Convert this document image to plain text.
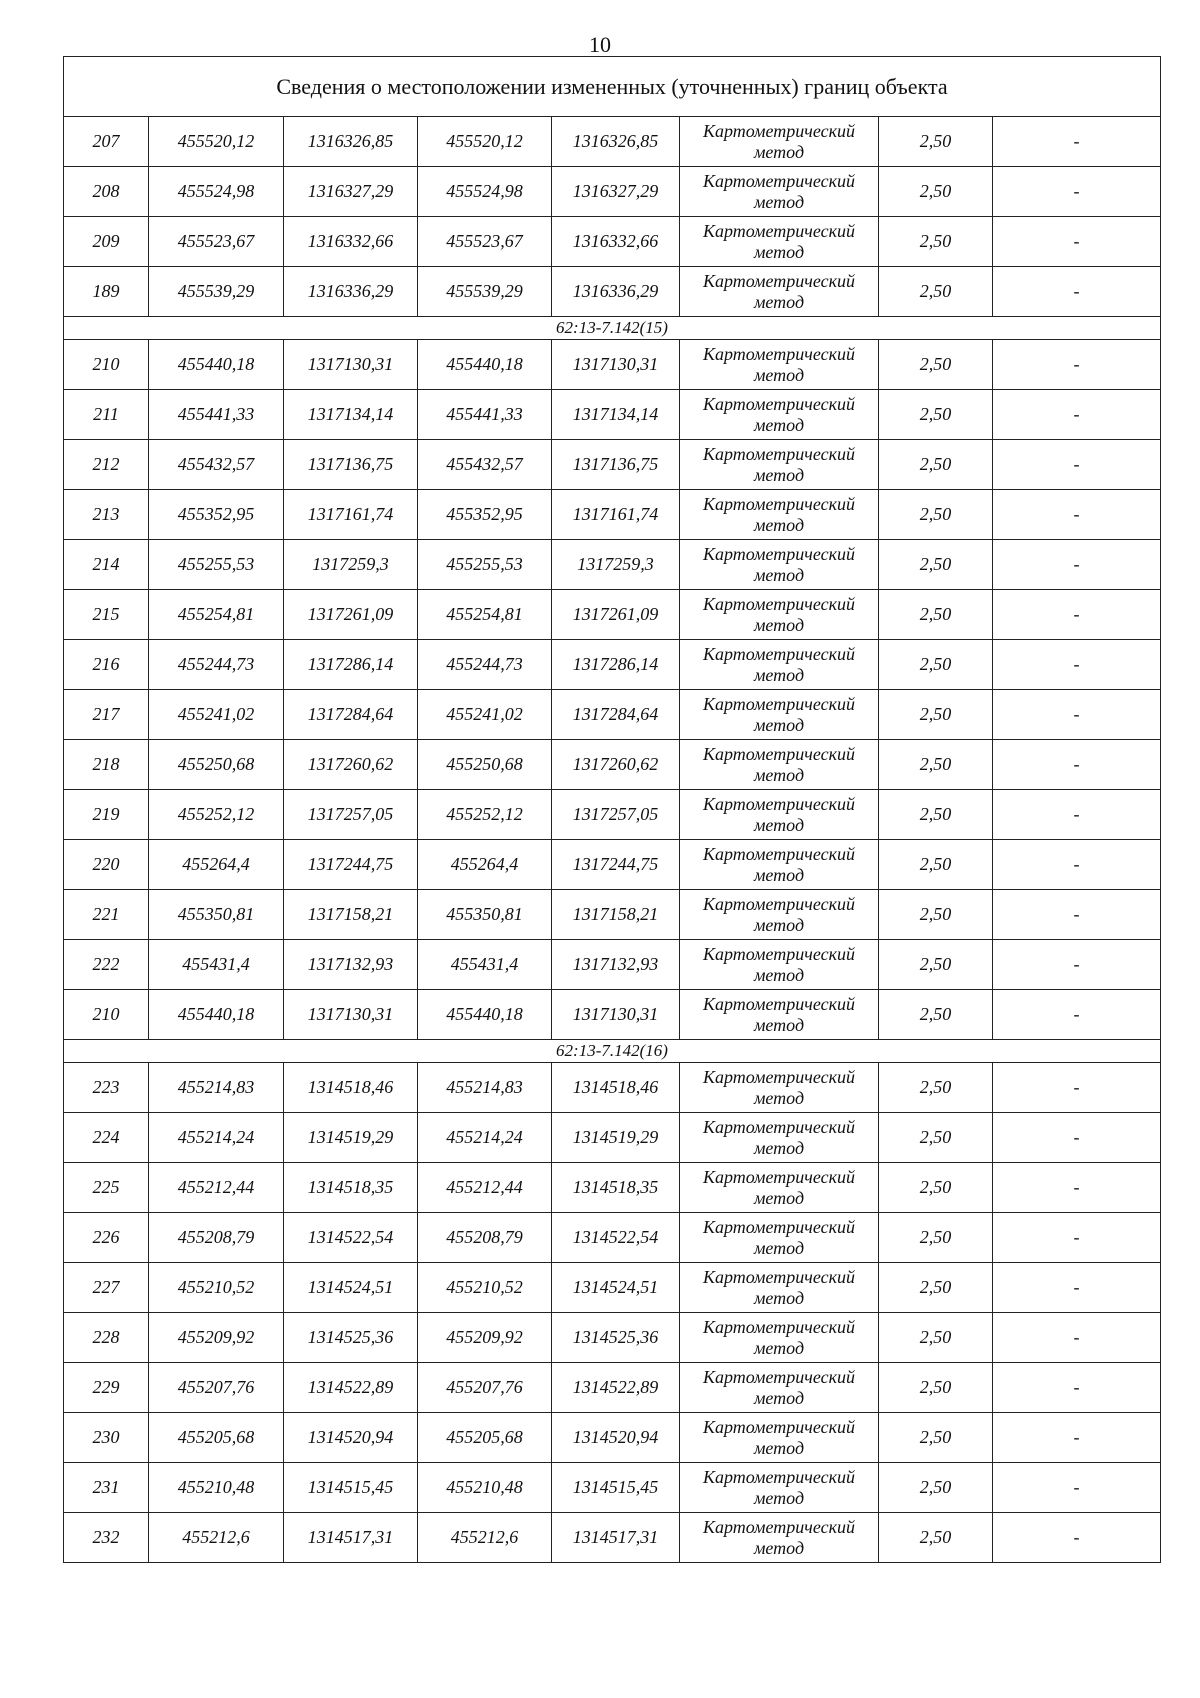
10
Сведения о местоположении измененных (уточненных) границ объекта							
207	455520,12	1316326,85	455520,12	1316326,85	Картометрический
метод	2,50	-
208	455524,98	1316327,29	455524,98	1316327,29	Картометрический
метод	2,50	-
209	455523,67	1316332,66	455523,67	1316332,66	Картометрический
метод	2,50	-
189	455539,29	1316336,29	455539,29	1316336,29	Картометрический
метод	2,50	-
62:13-7.142(15)							
210	455440,18	1317130,31	455440,18	1317130,31	Картометрический
метод	2,50	-
211	455441,33	1317134,14	455441,33	1317134,14	Картометрический
метод	2,50	-
212	455432,57	1317136,75	455432,57	1317136,75	Картометрический
метод	2,50	-
213	455352,95	1317161,74	455352,95	1317161,74	Картометрический
метод	2,50	-
214	455255,53	1317259,3	455255,53	1317259,3	Картометрический
метод	2,50	-
215	455254,81	1317261,09	455254,81	1317261,09	Картометрический
метод	2,50	-
216	455244,73	1317286,14	455244,73	1317286,14	Картометрический
метод	2,50	-
217	455241,02	1317284,64	455241,02	1317284,64	Картометрический
метод	2,50	-
218	455250,68	1317260,62	455250,68	1317260,62	Картометрический
метод	2,50	-
219	455252,12	1317257,05	455252,12	1317257,05	Картометрический
метод	2,50	-
220	455264,4	1317244,75	455264,4	1317244,75	Картометрический
метод	2,50	-
221	455350,81	1317158,21	455350,81	1317158,21	Картометрический
метод	2,50	-
222	455431,4	1317132,93	455431,4	1317132,93	Картометрический
метод	2,50	-
210	455440,18	1317130,31	455440,18	1317130,31	Картометрический
метод	2,50	-
62:13-7.142(16)							
223	455214,83	1314518,46	455214,83	1314518,46	Картометрический
метод	2,50	-
224	455214,24	1314519,29	455214,24	1314519,29	Картометрический
метод	2,50	-
225	455212,44	1314518,35	455212,44	1314518,35	Картометрический
метод	2,50	-
226	455208,79	1314522,54	455208,79	1314522,54	Картометрический
метод	2,50	-
227	455210,52	1314524,51	455210,52	1314524,51	Картометрический
метод	2,50	-
228	455209,92	1314525,36	455209,92	1314525,36	Картометрический
метод	2,50	-
229	455207,76	1314522,89	455207,76	1314522,89	Картометрический
метод	2,50	-
230	455205,68	1314520,94	455205,68	1314520,94	Картометрический
метод	2,50	-
231	455210,48	1314515,45	455210,48	1314515,45	Картометрический
метод	2,50	-
232	455212,6	1314517,31	455212,6	1314517,31	Картометрический
метод	2,50	-
